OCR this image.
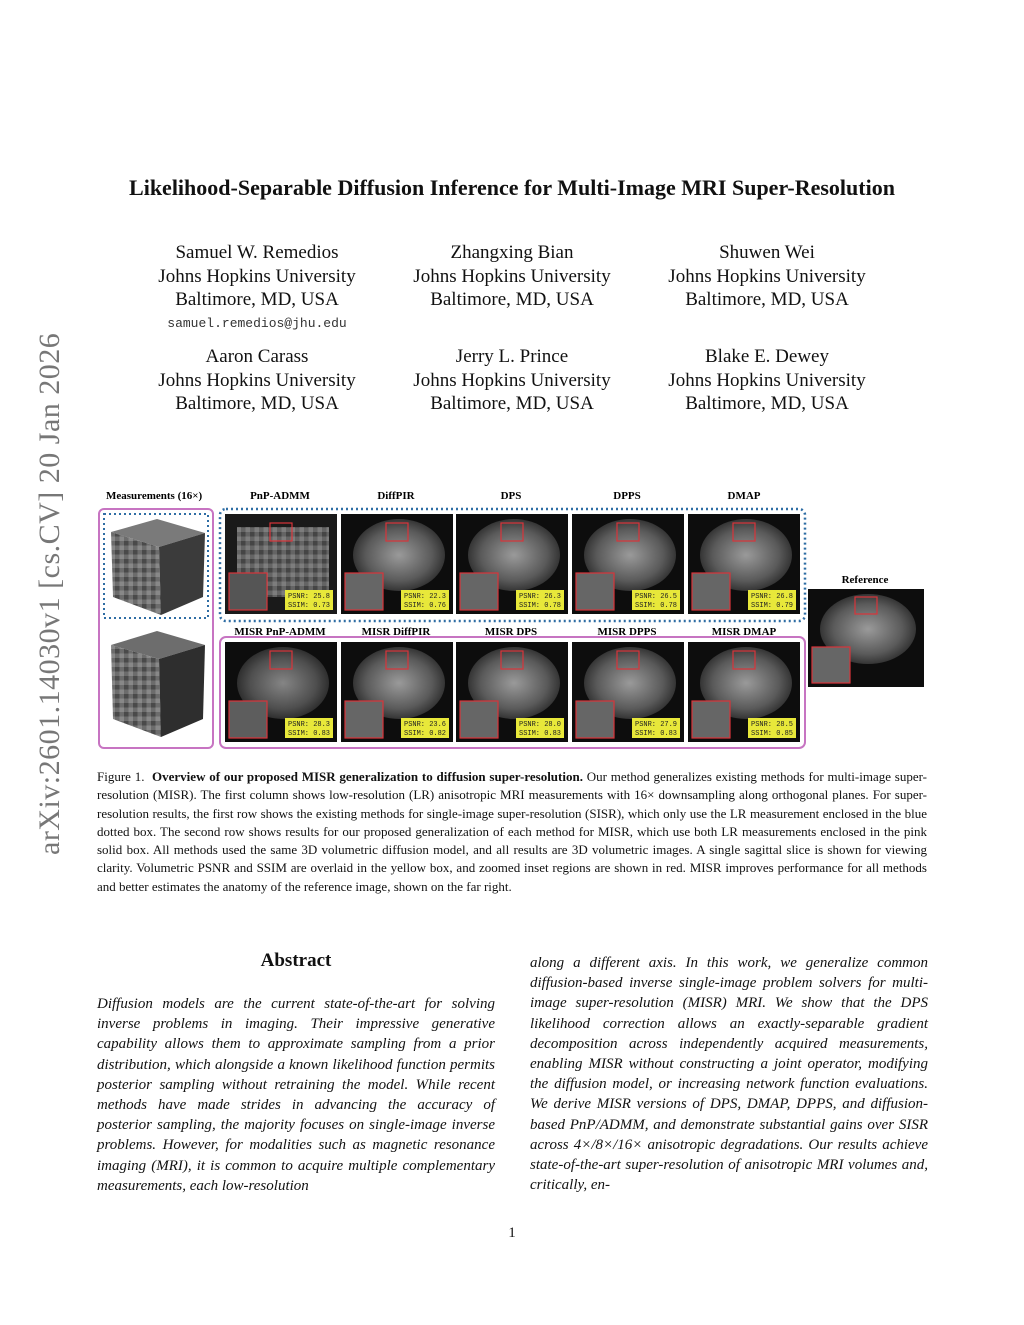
arXiv:2601.14030v1 [cs.CV] 20 Jan 2026
Likelihood-Separable Diffusion Inference for Multi-Image MRI Super-Resolution
Samuel W. Remedios
Johns Hopkins University
Baltimore, MD, USA
samuel.remedios@jhu.edu
Zhangxing Bian
Johns Hopkins University
Baltimore, MD, USA
Shuwen Wei
Johns Hopkins University
Baltimore, MD, USA
Aaron Carass
Johns Hopkins University
Baltimore, MD, USA
Jerry L. Prince
Johns Hopkins University
Baltimore, MD, USA
Blake E. Dewey
Johns Hopkins University
Baltimore, MD, USA
Measurements (16×)	PnP-ADMM
PSNR: 25.8
SSIM: 0.73
DiffPIR
PSNR: 22.3
SSIM: 0.76
DPS
PSNR: 26.3
SSIM: 0.78
DPPS
PSNR: 26.5
SSIM: 0.78
DMAP
PSNR: 26.8
SSIM: 0.79
MISR PnP-ADMM
PSNR: 28.3
SSIM: 0.83
MISR DiffPIR
PSNR: 23.6
SSIM: 0.82
MISR DPS
PSNR: 28.0
SSIM: 0.83
MISR DPPS
PSNR: 27.9
SSIM: 0.83
MISR DMAP
PSNR: 28.5
SSIM: 0.85
Reference
Figure 1. Overview of our proposed MISR generalization to diffusion super-resolution. Our method generalizes existing methods for multi-image super-resolution (MISR). The first column shows low-resolution (LR) anisotropic MRI measurements with 16× downsampling along orthogonal planes. For super-resolution results, the first row shows the existing methods for single-image super-resolution (SISR), which only use the LR measurement enclosed in the blue dotted box. The second row shows results for our proposed generalization of each method for MISR, which use both LR measurements enclosed in the pink solid box. All methods used the same 3D volumetric diffusion model, and all results are 3D volumetric images. A single sagittal slice is shown for viewing clarity. Volumetric PSNR and SSIM are overlaid in the yellow box, and zoomed inset regions are shown in red. MISR improves performance for all methods and better estimates the anatomy of the reference image, shown on the far right.
Abstract
Diffusion models are the current state-of-the-art for solving inverse problems in imaging. Their impressive generative capability allows them to approximate sampling from a prior distribution, which alongside a known likelihood function permits posterior sampling without retraining the model. While recent methods have made strides in advancing the accuracy of posterior sampling, the majority focuses on single-image inverse problems. However, for modalities such as magnetic resonance imaging (MRI), it is common to acquire multiple complementary measurements, each low-resolution
along a different axis. In this work, we generalize common diffusion-based inverse single-image problem solvers for multi-image super-resolution (MISR) MRI. We show that the DPS likelihood correction allows an exactly-separable gradient decomposition across independently acquired measurements, enabling MISR without constructing a joint operator, modifying the diffusion model, or increasing network function evaluations. We derive MISR versions of DPS, DMAP, DPPS, and diffusion-based PnP/ADMM, and demonstrate substantial gains over SISR across 4×/8×/16× anisotropic degradations. Our results achieve state-of-the-art super-resolution of anisotropic MRI volumes and, critically, en-
1
